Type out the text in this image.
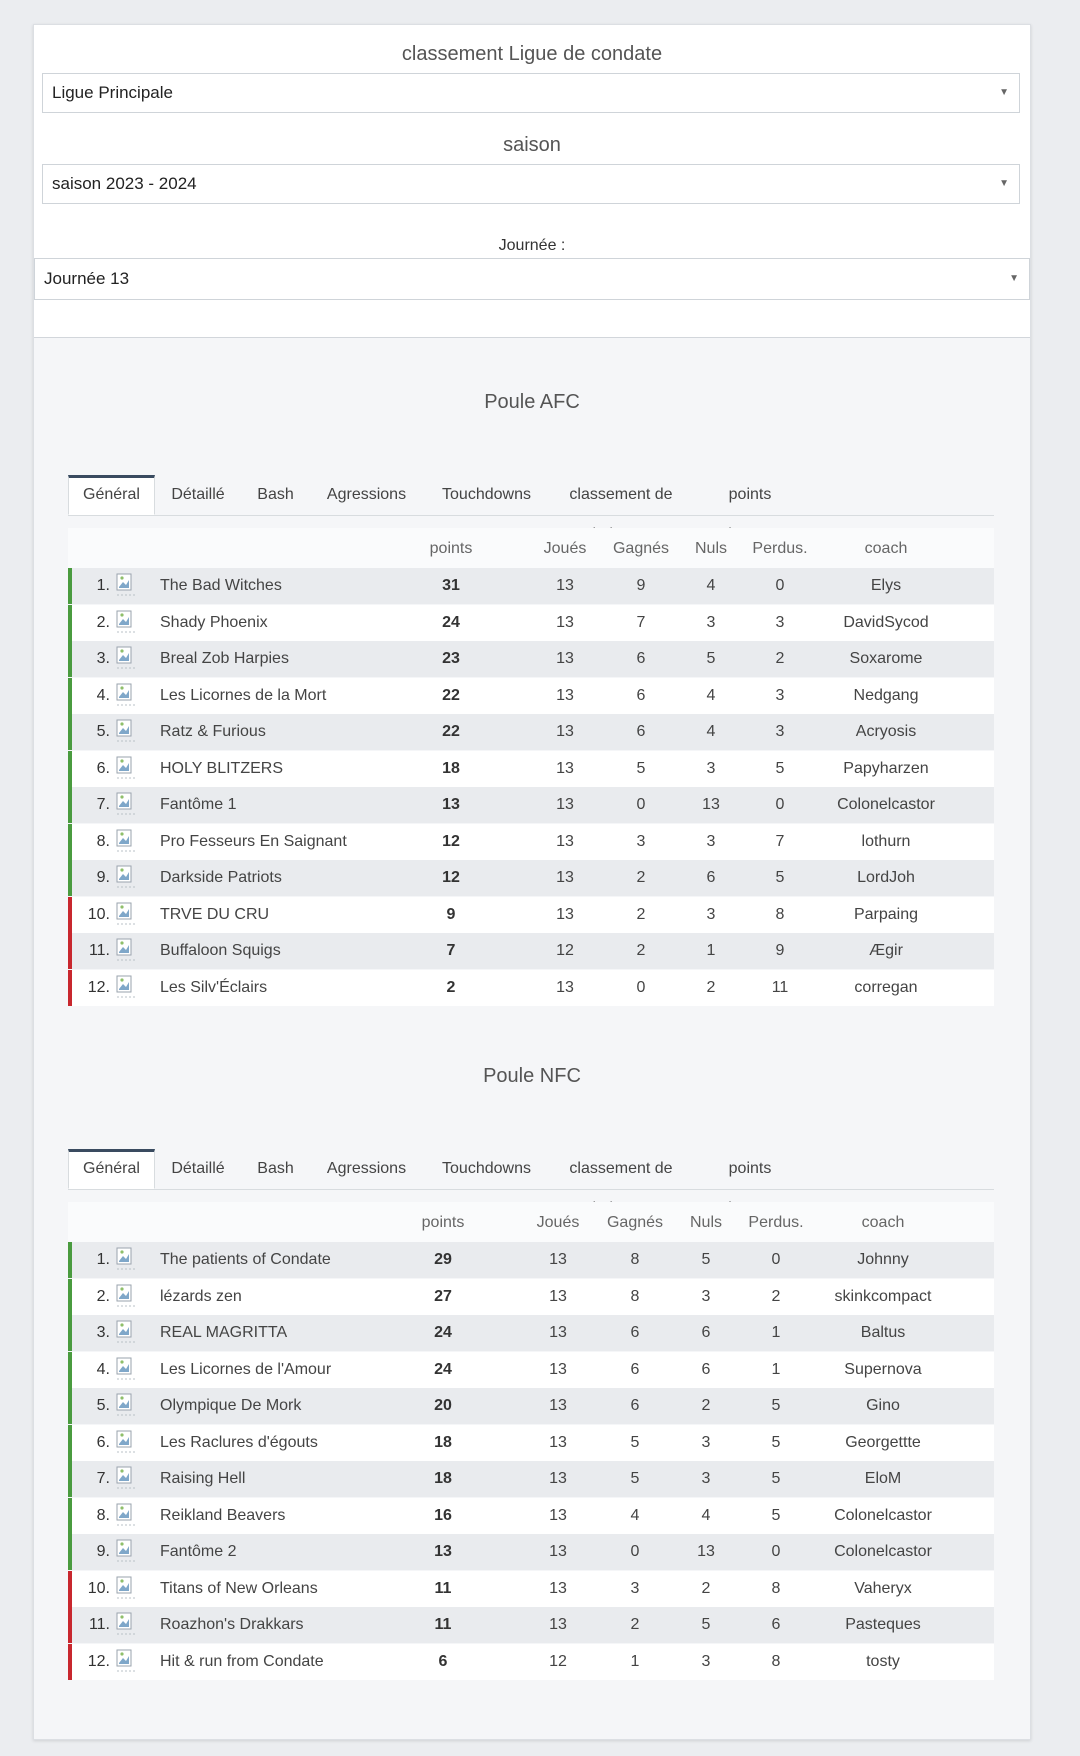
classement Ligue de condate
Ligue Principale	▼
saison
saison 2023 - 2024	▼
Journée :
Journée 13	▼
Poule AFC
Général	Détaillé	Bash	Agressions	Touchdowns	classement de	points
points	Joués	Gagnés	Nuls	Perdus.	coach
1.	The Bad Witches	31	13	9	4	0	Elys
2.	Shady Phoenix	24	13	7	3	3	DavidSycod
3.	Breal Zob Harpies	23	13	6	5	2	Soxarome
4.	Les Licornes de la Mort	22	13	6	4	3	Nedgang
5.	Ratz & Furious	22	13	6	4	3	Acryosis
6.	HOLY BLITZERS	18	13	5	3	5	Papyharzen
7.	Fantôme 1	13	13	0	13	0	Colonelcastor
8.	Pro Fesseurs En Saignant	12	13	3	3	7	lothurn
9.	Darkside Patriots	12	13	2	6	5	LordJoh
10.	TRVE DU CRU	9	13	2	3	8	Parpaing
11.	Buffaloon Squigs	7	12	2	1	9	Ægir
12.	Les Silv'Éclairs	2	13	0	2	11	corregan
Poule NFC
Général	Détaillé	Bash	Agressions	Touchdowns	classement de	points
points	Joués	Gagnés	Nuls	Perdus.	coach
1.	The patients of Condate	29	13	8	5	0	Johnny
2.	lézards zen	27	13	8	3	2	skinkcompact
3.	REAL MAGRITTA	24	13	6	6	1	Baltus
4.	Les Licornes de l'Amour	24	13	6	6	1	Supernova
5.	Olympique De Mork	20	13	6	2	5	Gino
6.	Les Raclures d'égouts	18	13	5	3	5	Georgettte
7.	Raising Hell	18	13	5	3	5	EloM
8.	Reikland Beavers	16	13	4	4	5	Colonelcastor
9.	Fantôme 2	13	13	0	13	0	Colonelcastor
10.	Titans of New Orleans	11	13	3	2	8	Vaheryx
11.	Roazhon's Drakkars	11	13	2	5	6	Pasteques
12.	Hit & run from Condate	6	12	1	3	8	tosty
